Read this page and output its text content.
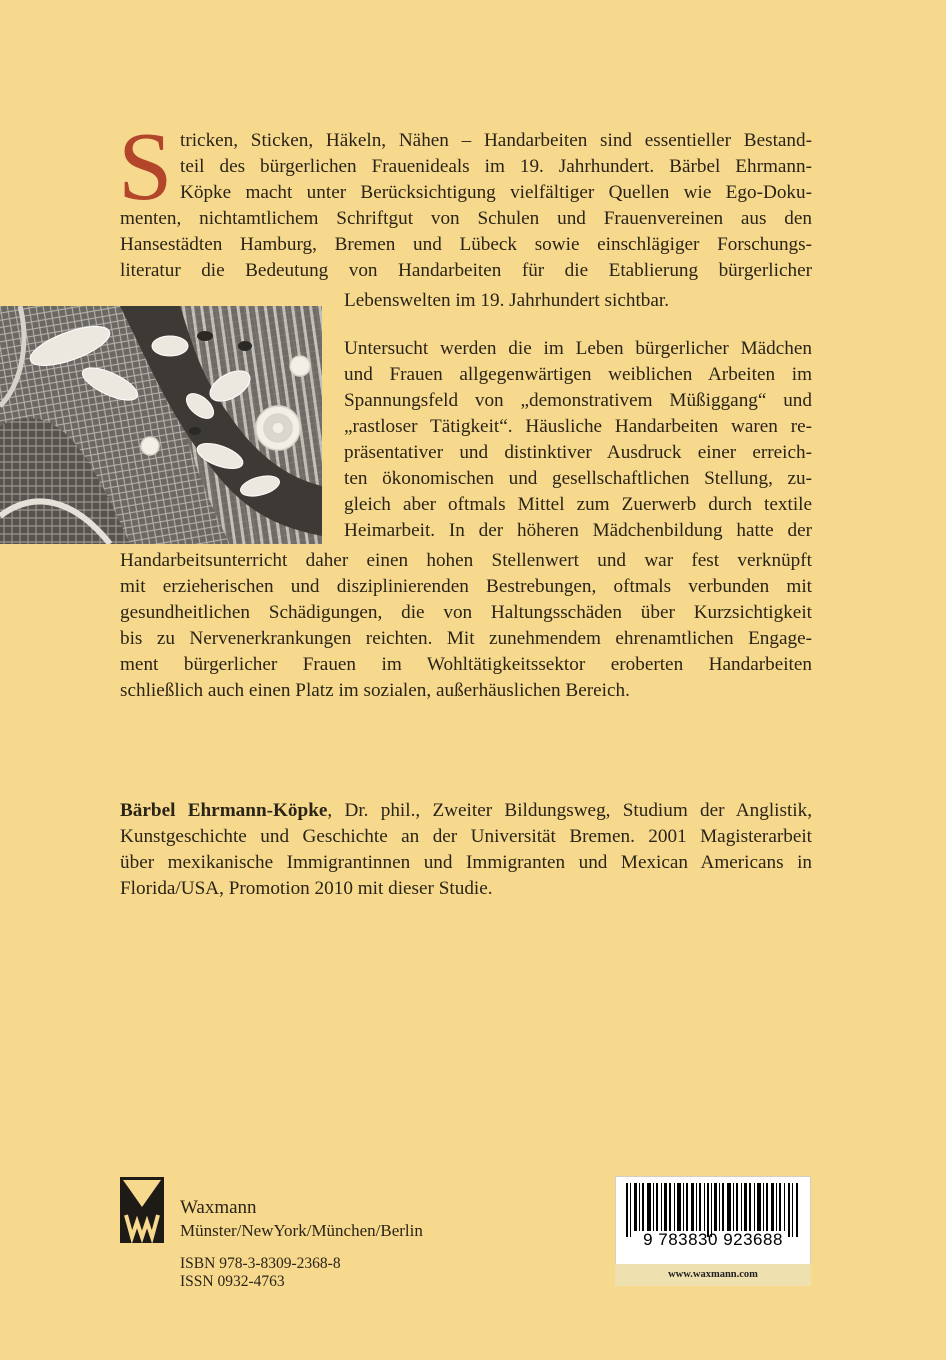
S tricken, Sticken, Häkeln, Nähen – Handarbeiten sind essentieller Bestand-
teil des bürgerlichen Frauenideals im 19. Jahrhundert. Bärbel Ehrmann-
Köpke macht unter Berücksichtigung vielfältiger Quellen wie Ego-Doku-
menten, nichtamtlichem Schriftgut von Schulen und Frauenvereinen aus den
Hansestädten Hamburg, Bremen und Lübeck sowie einschlägiger Forschungs-
literatur die Bedeutung von Handarbeiten für die Etablierung bürgerlicher
Lebenswelten im 19. Jahrhundert sichtbar.
Untersucht werden die im Leben bürgerlicher Mädchen
und Frauen allgegenwärtigen weiblichen Arbeiten im
Spannungsfeld von „demonstrativem Müßiggang“ und
„rastloser Tätigkeit“. Häusliche Handarbeiten waren re-
präsentativer und distinktiver Ausdruck einer erreich-
ten ökonomischen und gesellschaftlichen Stellung, zu-
gleich aber oftmals Mittel zum Zuerwerb durch textile
Heimarbeit. In der höheren Mädchenbildung hatte der
Handarbeitsunterricht daher einen hohen Stellenwert und war fest verknüpft
mit erzieherischen und disziplinierenden Bestrebungen, oftmals verbunden mit
gesundheitlichen Schädigungen, die von Haltungsschäden über Kurzsichtigkeit
bis zu Nervenerkrankungen reichten. Mit zunehmendem ehrenamtlichen Engage-
ment bürgerlicher Frauen im Wohltätigkeitssektor eroberten Handarbeiten
schließlich auch einen Platz im sozialen, außerhäuslichen Bereich.
Bärbel Ehrmann-Köpke, Dr. phil., Zweiter Bildungsweg, Studium der Anglistik,
Kunstgeschichte und Geschichte an der Universität Bremen. 2001 Magisterarbeit
über mexikanische Immigrantinnen und Immigranten und Mexican Americans in
Florida/USA, Promotion 2010 mit dieser Studie.
Waxmann
Münster/NewYork/München/Berlin
ISBN 978-3-8309-2368-8
ISSN 0932-4763
9 783830 923688
www.waxmann.com
